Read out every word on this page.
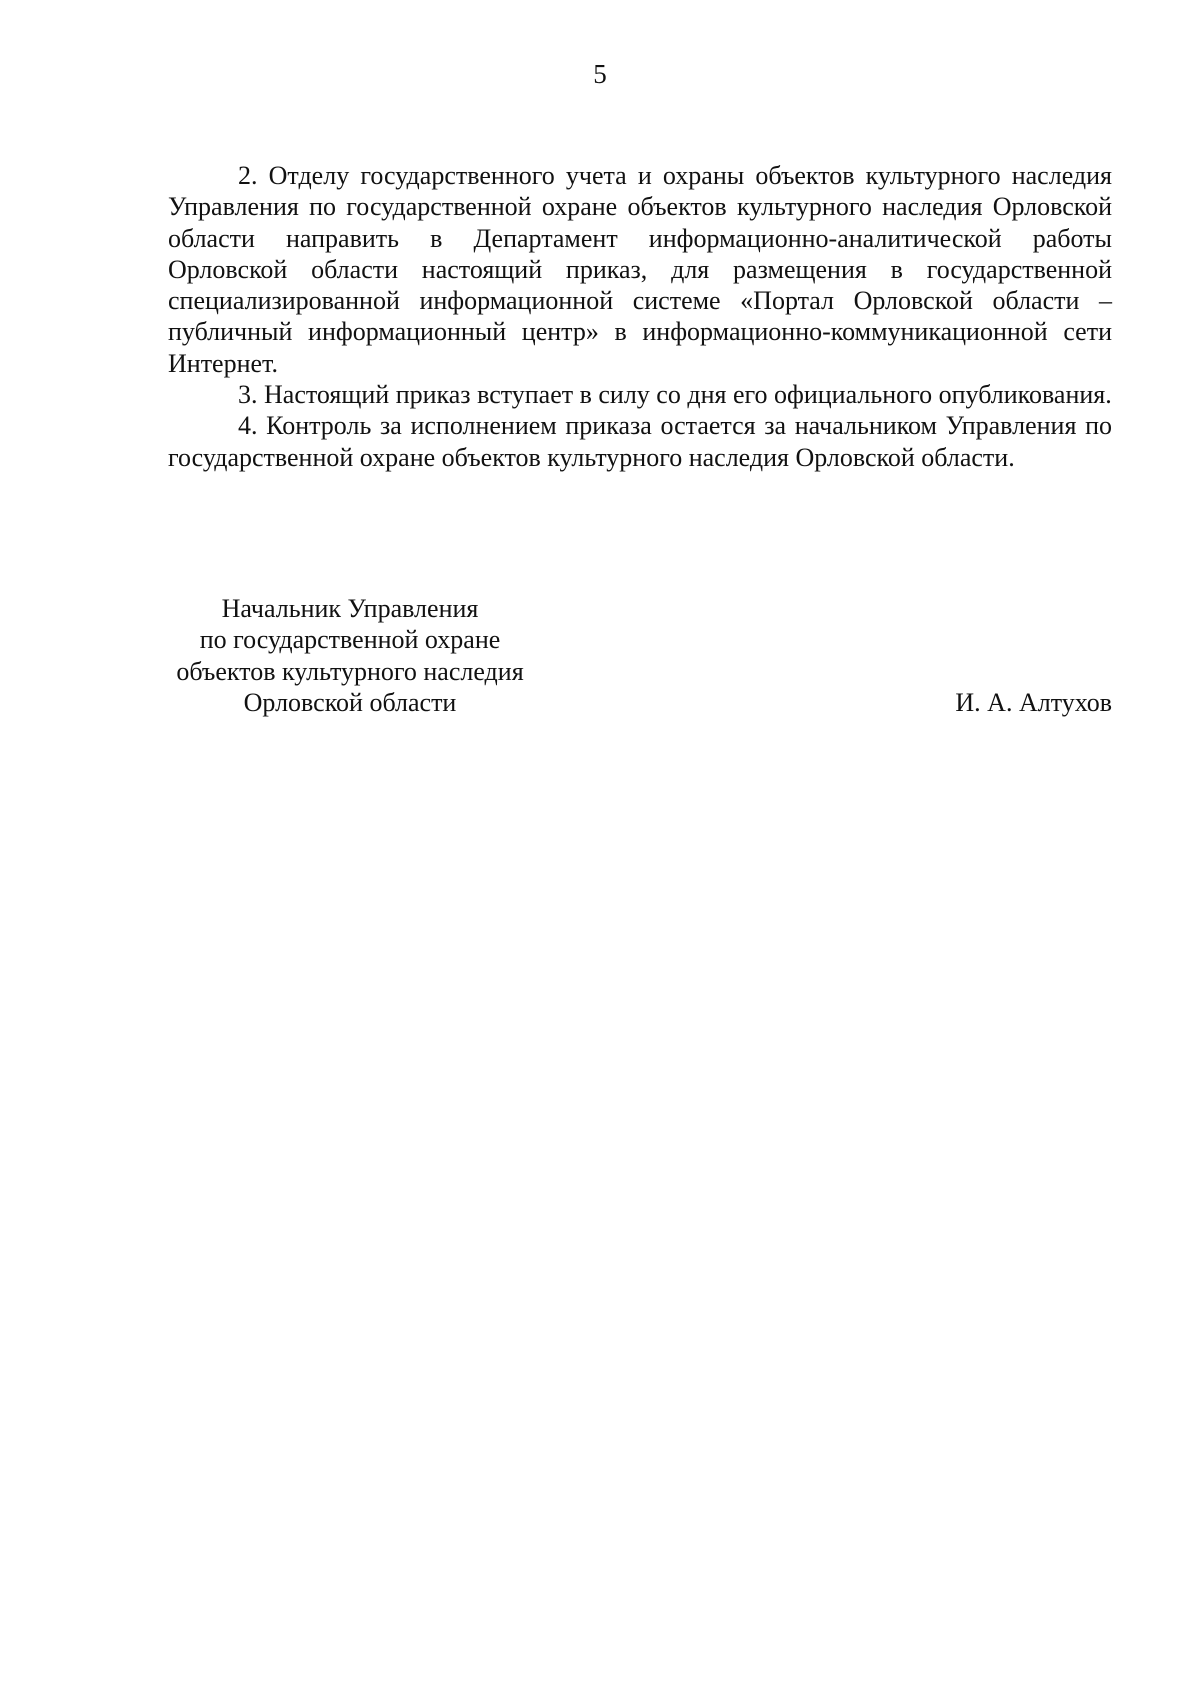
5

2. Отделу государственного учета и охраны объектов культурного наследия Управления по государственной охране объектов культурного наследия Орловской области направить в Департамент информационно-аналитической работы Орловской области настоящий приказ, для размещения в государственной специализированной информационной системе «Портал Орловской области – публичный информационный центр» в информационно-коммуникационной сети Интернет.

3. Настоящий приказ вступает в силу со дня его официального опубликования.

4. Контроль за исполнением приказа остается за начальником Управления по государственной охране объектов культурного наследия Орловской области.

Начальник Управления
по государственной охране
объектов культурного наследия
Орловской области	И. А. Алтухов
